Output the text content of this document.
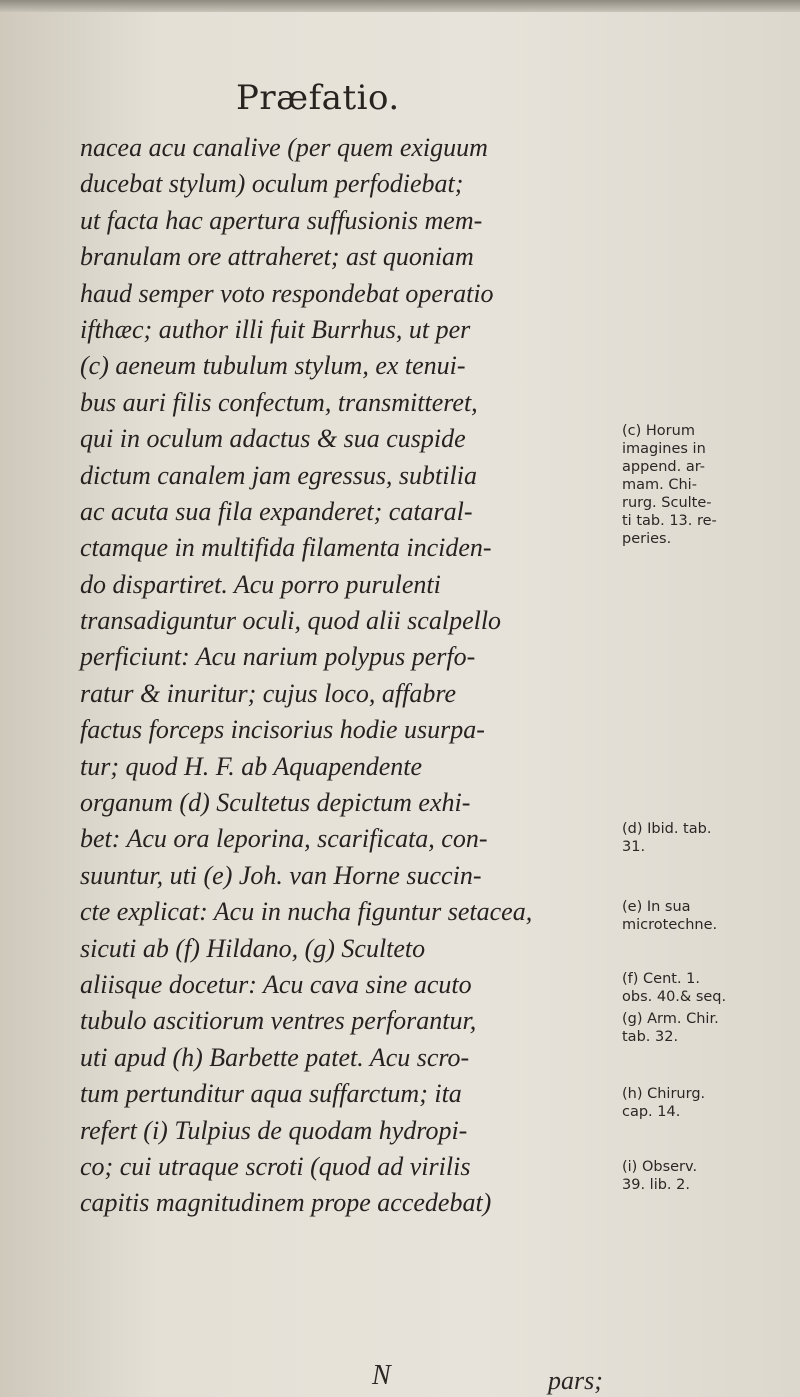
Præfatio.
nacea acu canalive (per quem exiguum
ducebat stylum) oculum perfodiebat;
ut facta hac apertura suffusionis mem-
branulam ore attraheret; ast quoniam
haud semper voto respondebat operatio
ifthæc; author illi fuit Burrhus, ut per
(c) aeneum tubulum stylum, ex tenui-
bus auri filis confectum, transmitteret,
qui in oculum adactus & sua cuspide
dictum canalem jam egressus, subtilia
ac acuta sua fila expanderet; cataral-
ctamque in multifida filamenta inciden-
do dispartiret. Acu porro purulenti
transadiguntur oculi, quod alii scalpello
perficiunt: Acu narium polypus perfo-
ratur & inuritur; cujus loco, affabre
factus forceps incisorius hodie usurpa-
tur; quod H. F. ab Aquapendente
organum (d) Scultetus depictum exhi-
bet: Acu ora leporina, scarificata, con-
suuntur, uti (e) Joh. van Horne succin-
cte explicat: Acu in nucha figuntur setacea,
sicuti ab (f) Hildano, (g) Sculteto
aliisque docetur: Acu cava sine acuto
tubulo ascitiorum ventres perforantur,
uti apud (h) Barbette patet. Acu scro-
tum pertunditur aqua suffarctum; ita
refert (i) Tulpius de quodam hydropi-
co; cui utraque scroti (quod ad virilis
capitis magnitudinem prope accedebat)
(c) Horum
imagines in
append. ar-
mam. Chi-
rurg. Sculte-
ti tab. 13. re-
peries.
(d) Ibid. tab.
31.
(e) In sua
microtechne.
(f) Cent. 1.
obs. 40.& seq.
(g) Arm. Chir.
tab. 32.
(h) Chirurg.
cap. 14.
(i) Observ.
39. lib. 2.
N	pars;
